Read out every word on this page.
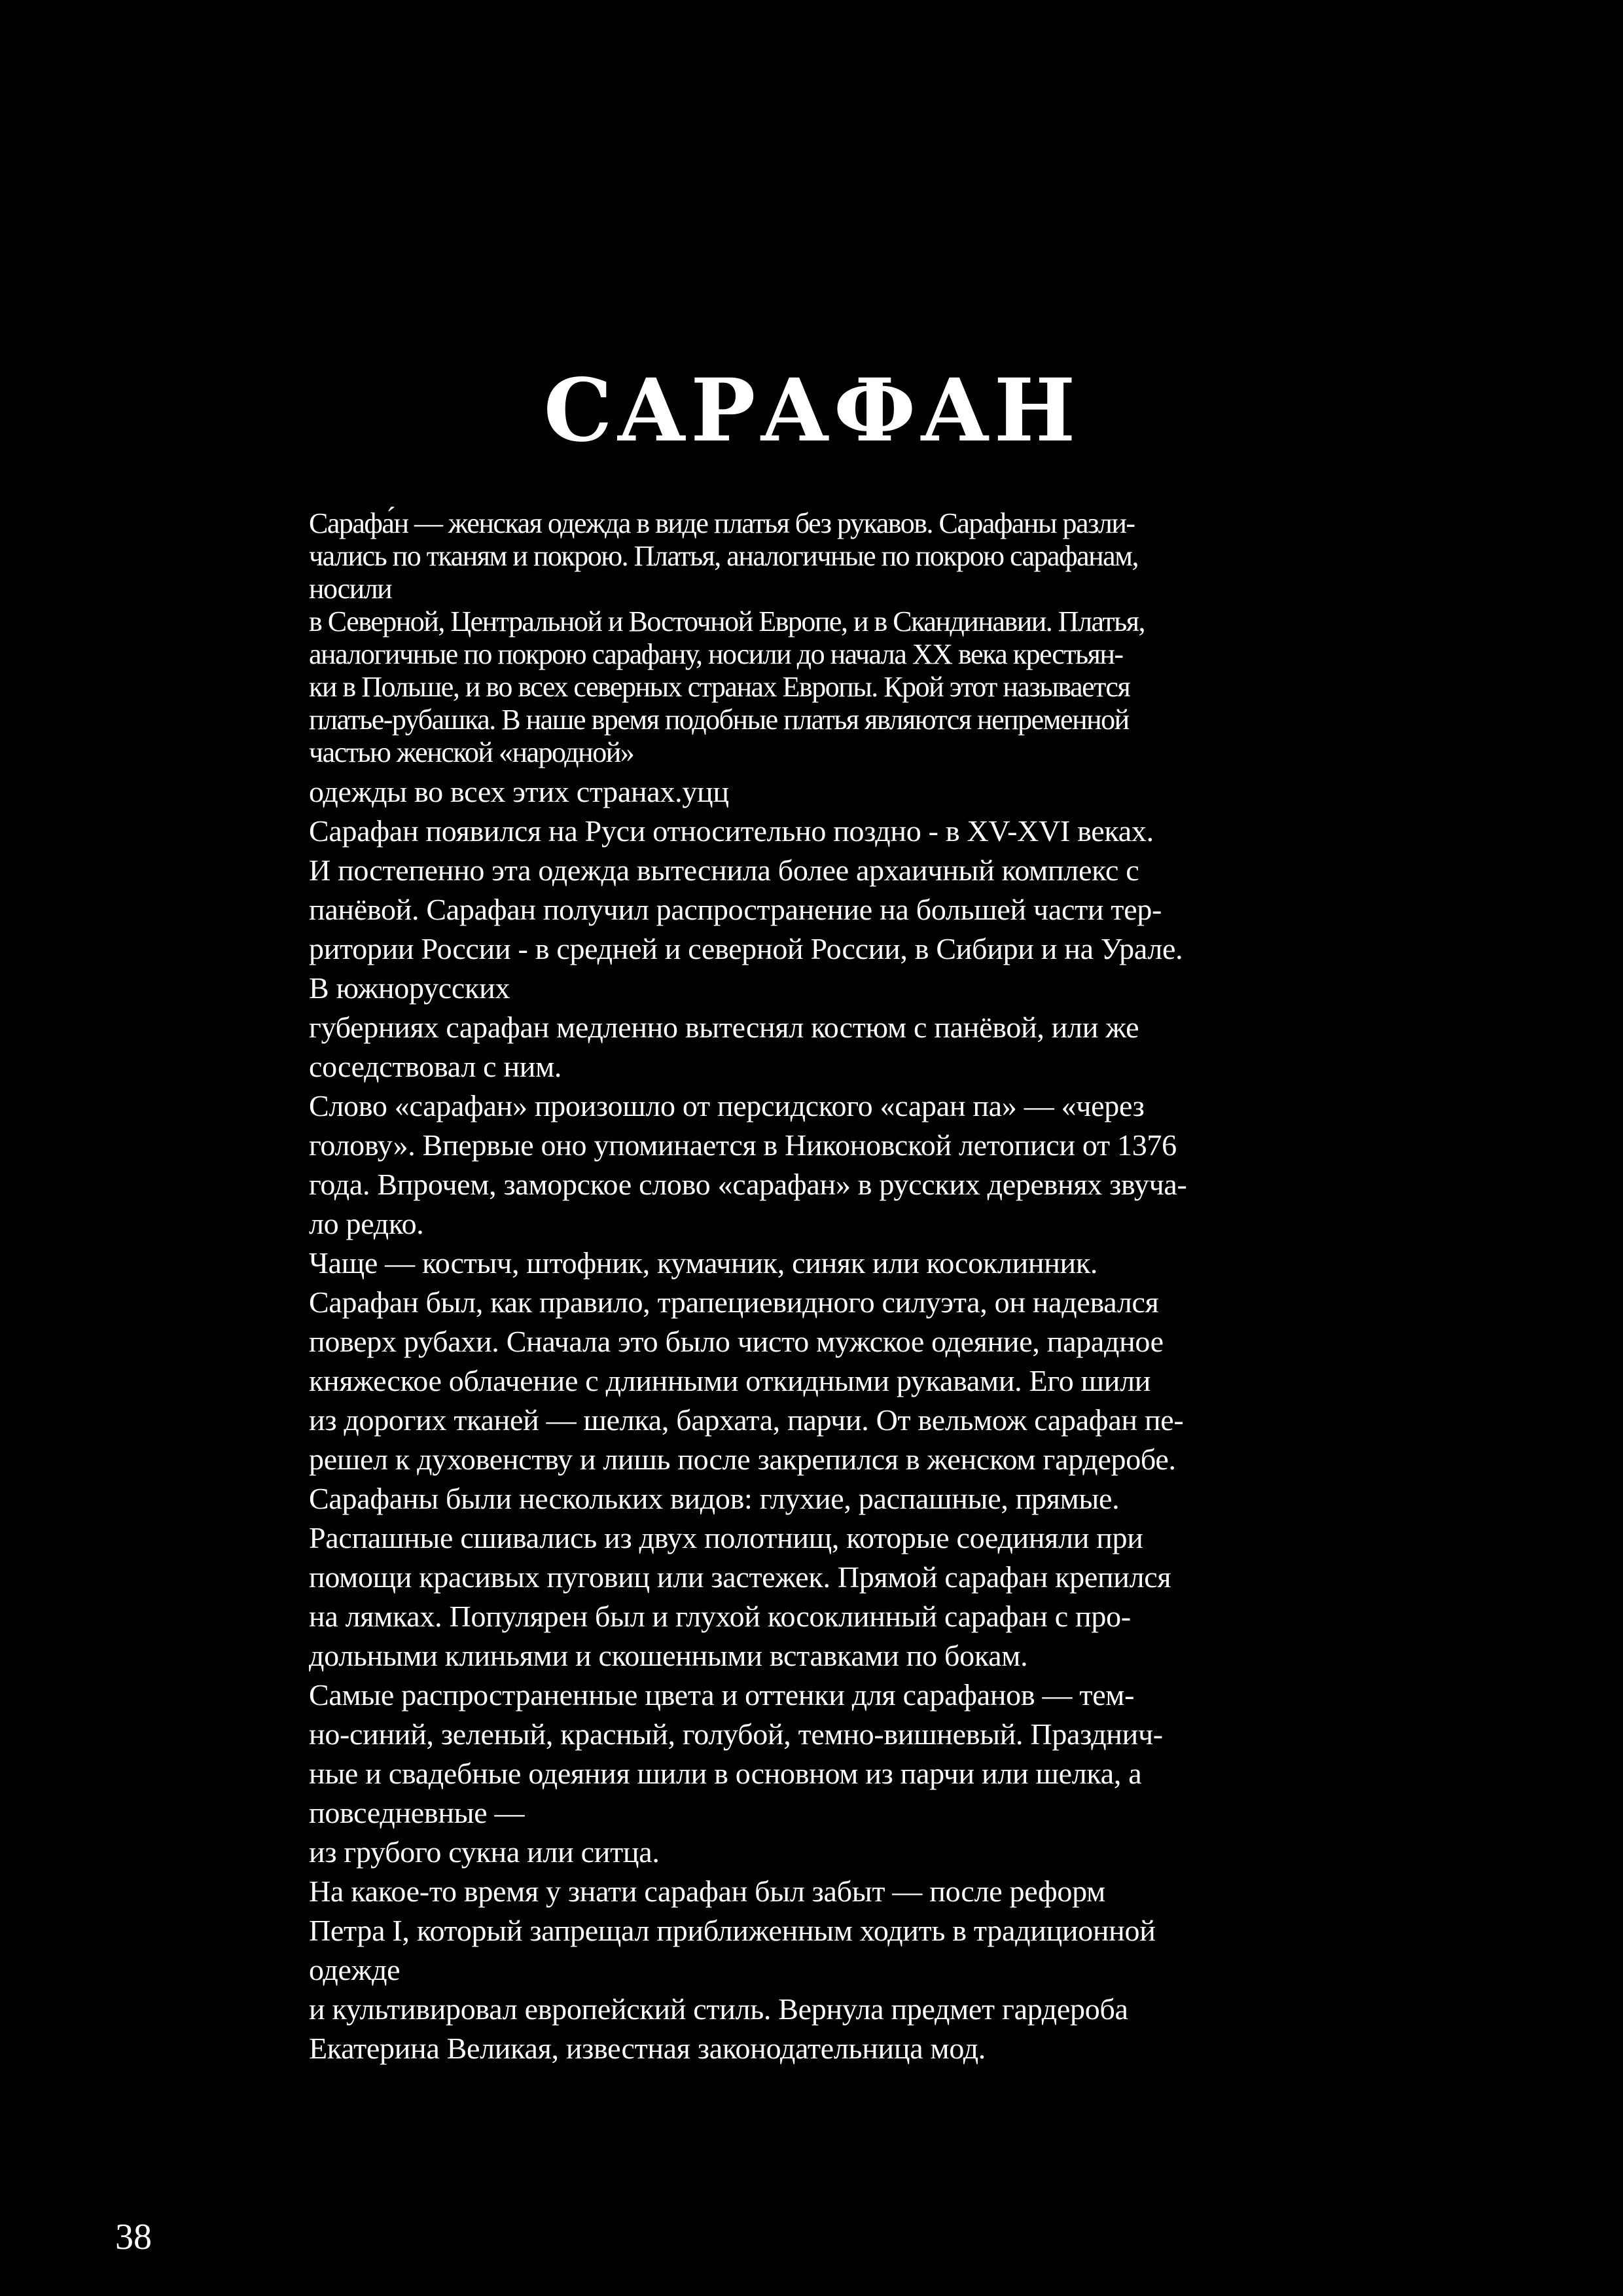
САРАФАН
Сарафа́н — женская одежда в виде платья без рукавов. Сарафаны разли-
чались по тканям и покрою. Платья, аналогичные по покрою сарафанам,
носили
в Северной, Центральной и Восточной Европе, и в Скандинавии. Платья,
аналогичные по покрою сарафану, носили до начала XX века крестьян-
ки в Польше, и во всех северных странах Европы. Крой этот называется
платье-рубашка. В наше время подобные платья являются непременной
частью женской «народной»
одежды во всех этих странах.уцц
Сарафан появился на Руси относительно поздно - в XV-XVI веках.
И постепенно эта одежда вытеснила более архаичный комплекс с
панёвой. Сарафан получил распространение на большей части тер-
ритории России - в средней и северной России, в Сибири и на Урале.
В южнорусских
губерниях сарафан медленно вытеснял костюм с панёвой, или же
соседствовал с ним.
Слово «сарафан» произошло от персидского «саран па» — «через
голову». Впервые оно упоминается в Никоновской летописи от 1376
года. Впрочем, заморское слово «сарафан» в русских деревнях звуча-
ло редко.
Чаще — костыч, штофник, кумачник, синяк или косоклинник.
Сарафан был, как правило, трапециевидного силуэта, он надевался
поверх рубахи. Сначала это было чисто мужское одеяние, парадное
княжеское облачение с длинными откидными рукавами. Его шили
из дорогих тканей — шелка, бархата, парчи. От вельмож сарафан пе-
решел к духовенству и лишь после закрепился в женском гардеробе.
Сарафаны были нескольких видов: глухие, распашные, прямые.
Распашные сшивались из двух полотнищ, которые соединяли при
помощи красивых пуговиц или застежек. Прямой сарафан крепился
на лямках. Популярен был и глухой косоклинный сарафан с про-
дольными клиньями и скошенными вставками по бокам.
Самые распространенные цвета и оттенки для сарафанов — тем-
но-синий, зеленый, красный, голубой, темно-вишневый. Празднич-
ные и свадебные одеяния шили в основном из парчи или шелка, а
повседневные —
из грубого сукна или ситца.
На какое-то время у знати сарафан был забыт — после реформ
Петра I, который запрещал приближенным ходить в традиционной
одежде
и культивировал европейский стиль. Вернула предмет гардероба
Екатерина Великая, известная законодательница мод.
38
